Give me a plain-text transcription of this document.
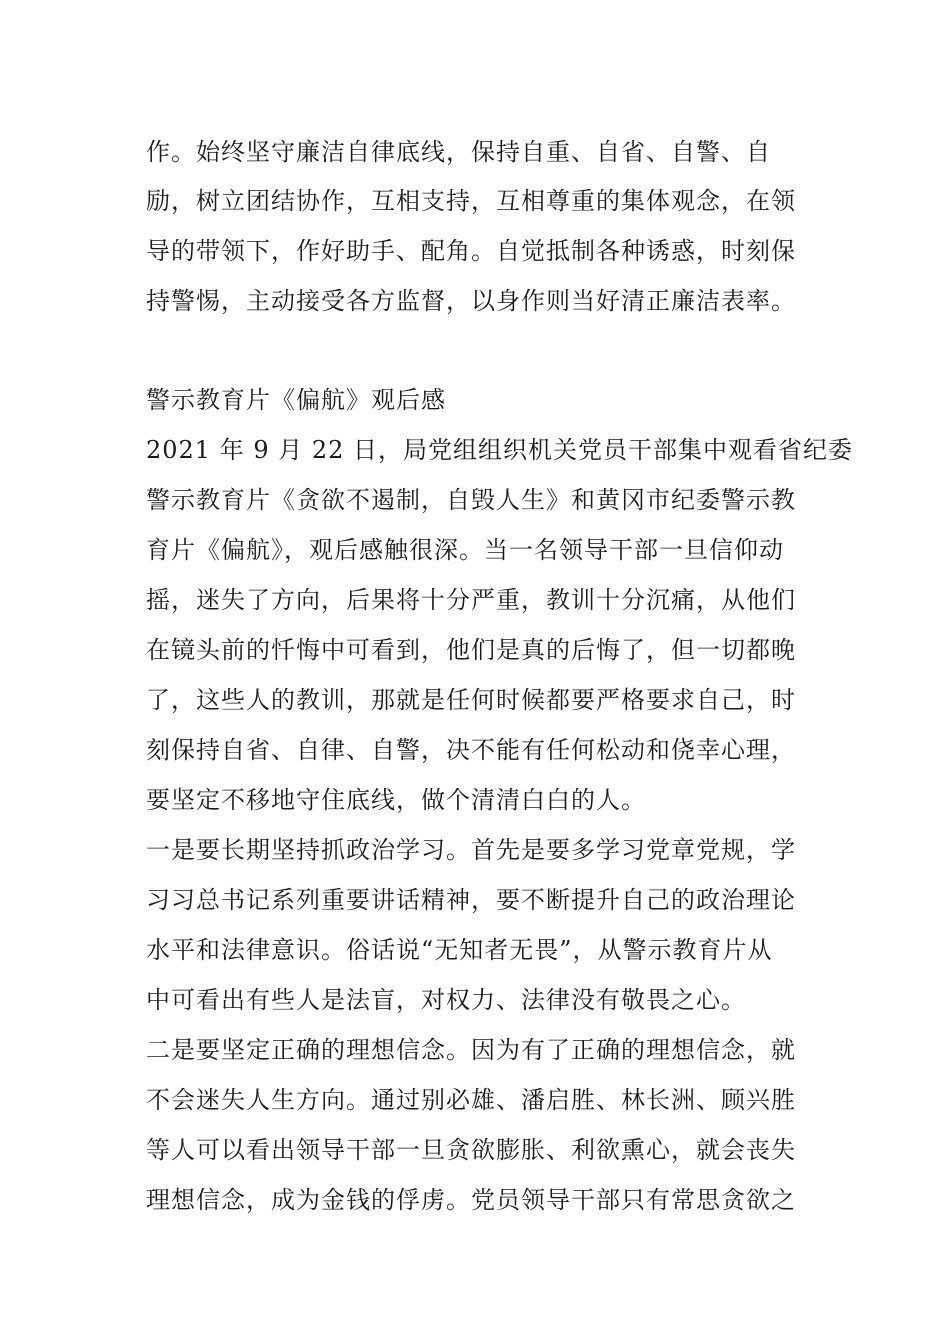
作。始终坚守廉洁自律底线，保持自重、自省、自警、自
励，树立团结协作，互相支持，互相尊重的集体观念，在领
导的带领下，作好助手、配角。自觉抵制各种诱惑，时刻保
持警惕，主动接受各方监督，以身作则当好清正廉洁表率。
警示教育片《偏航》观后感
2021 年 9 月 22 日，局党组组织机关党员干部集中观看省纪委
警示教育片《贪欲不遏制，自毁人生》和黄冈市纪委警示教
育片《偏航》，观后感触很深。当一名领导干部一旦信仰动
摇，迷失了方向，后果将十分严重，教训十分沉痛，从他们
在镜头前的忏悔中可看到，他们是真的后悔了，但一切都晚
了，这些人的教训，那就是任何时候都要严格要求自己，时
刻保持自省、自律、自警，决不能有任何松动和侥幸心理，
要坚定不移地守住底线，做个清清白白的人。
一是要长期坚持抓政治学习。首先是要多学习党章党规，学
习习总书记系列重要讲话精神，要不断提升自己的政治理论
水平和法律意识。俗话说“无知者无畏”，从警示教育片从
中可看出有些人是法盲，对权力、法律没有敬畏之心。
二是要坚定正确的理想信念。因为有了正确的理想信念，就
不会迷失人生方向。通过别必雄、潘启胜、林长洲、顾兴胜
等人可以看出领导干部一旦贪欲膨胀、利欲熏心，就会丧失
理想信念，成为金钱的俘虏。党员领导干部只有常思贪欲之
